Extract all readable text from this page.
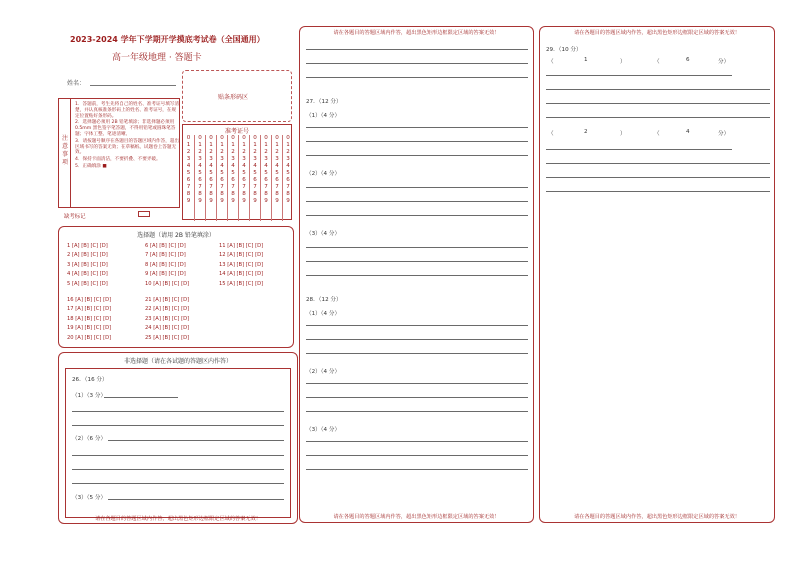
2023-2024 学年下学期开学摸底考试卷（全国通用）
高一年级地理 · 答题卡
姓名：
贴条形码区
注意事项
1．答题前，考生先将自己的姓名、准考证号填写清楚，并认真核准条形码上的姓名、准考证号，在规定位置贴好条形码。
2．选择题必须用 2B 铅笔填涂；非选择题必须用 0.5mm 黑色签字笔答题，不得用铅笔或圆珠笔答题；字体工整、笔迹清晰。
3．请按题号顺序在各题目的答题区域内作答，超出区域书写的答案无效；在草稿纸、试题卷上答题无效。
4．保持卡面清洁，不要折叠、不要弄破。
5．正确填涂 ■
准考证号
0
1
2
3
4
5
6
7
8
9
0
1
2
3
4
5
6
7
8
9
0
1
2
3
4
5
6
7
8
9
0
1
2
3
4
5
6
7
8
9
0
1
2
3
4
5
6
7
8
9
0
1
2
3
4
5
6
7
8
9
0
1
2
3
4
5
6
7
8
9
0
1
2
3
4
5
6
7
8
9
0
1
2
3
4
5
6
7
8
9
0
1
2
3
4
5
6
7
8
9
缺考标记
选择题（请用 2B 铅笔填涂）
1 [A] [B] [C] [D]
2 [A] [B] [C] [D]
3 [A] [B] [C] [D]
4 [A] [B] [C] [D]
5 [A] [B] [C] [D]
6 [A] [B] [C] [D]
7 [A] [B] [C] [D]
8 [A] [B] [C] [D]
9 [A] [B] [C] [D]
10 [A] [B] [C] [D]
11 [A] [B] [C] [D]
12 [A] [B] [C] [D]
13 [A] [B] [C] [D]
14 [A] [B] [C] [D]
15 [A] [B] [C] [D]
16 [A] [B] [C] [D]
17 [A] [B] [C] [D]
18 [A] [B] [C] [D]
19 [A] [B] [C] [D]
20 [A] [B] [C] [D]
21 [A] [B] [C] [D]
22 [A] [B] [C] [D]
23 [A] [B] [C] [D]
24 [A] [B] [C] [D]
25 [A] [B] [C] [D]
非选择题（请在各试题的答题区内作答）
26．（16 分）
（1）（3 分）
（2）（6 分）
（3）（5 分）
请在各题目的答题区域内作答，超出黑色矩形边框限定区域的答案无效！
请在各题目的答题区域内作答，超出黑色矩形边框限定区域的答案无效！
27．（12 分）
（1）（4 分）
（2）（4 分）
（3）（4 分）
28．（12 分）
（1）（4 分）
（2）（4 分）
（3）（4 分）
请在各题目的答题区域内作答，超出黑色矩形边框限定区域的答案无效！
请在各题目的答题区域内作答，超出黑色矩形边框限定区域的答案无效！
29．（10 分）
（	1	）	（	6	分）
（	2	）	（	4	分）
请在各题目的答题区域内作答，超出黑色矩形边框限定区域的答案无效！
